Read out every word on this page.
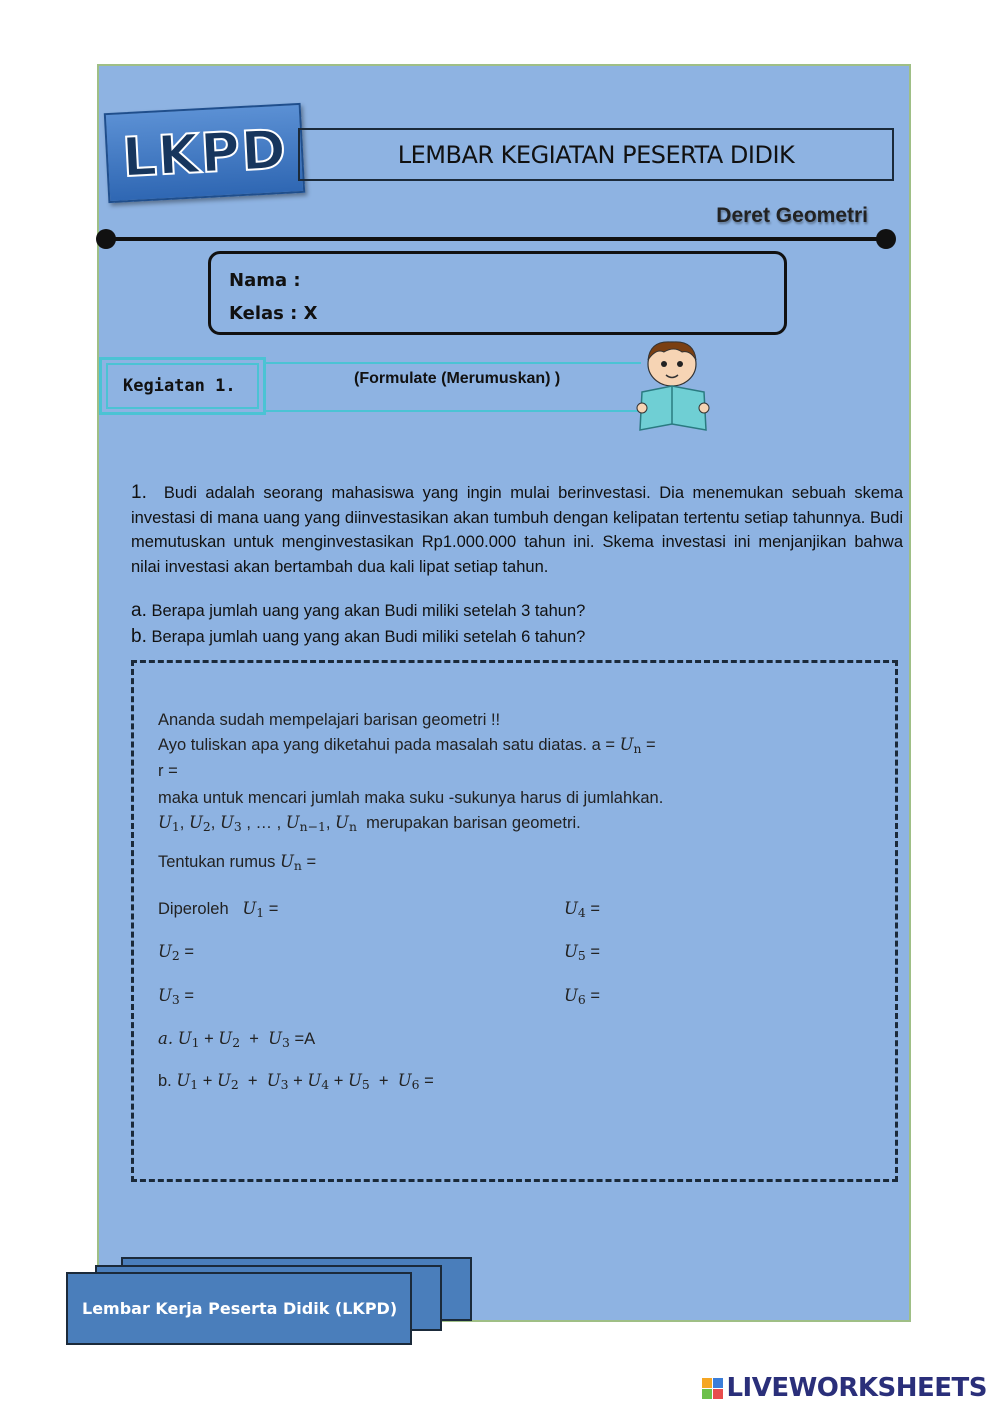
LKPD	LEMBAR KEGIATAN PESERTA DIDIK
Deret Geometri
Nama :
Kelas : X
Kegiatan 1.	(Formulate (Merumuskan) )
1. Budi adalah seorang mahasiswa yang ingin mulai berinvestasi. Dia menemukan sebuah skema investasi di mana uang yang diinvestasikan akan tumbuh dengan kelipatan tertentu setiap tahunnya. Budi memutuskan untuk menginvestasikan Rp1.000.000 tahun ini. Skema investasi ini menjanjikan bahwa nilai investasi akan bertambah dua kali lipat setiap tahun.
a. Berapa jumlah uang yang akan Budi miliki setelah 3 tahun?
b. Berapa jumlah uang yang akan Budi miliki setelah 6 tahun?
Ananda sudah mempelajari barisan geometri !!
Ayo tuliskan apa yang diketahui pada masalah satu diatas. a = Un =
r =
maka untuk mencari jumlah maka suku -sukunya harus di jumlahkan.
U1, U2, U3 , … , Un−1, Un merupakan barisan geometri.
Tentukan rumus Un =
Diperoleh U1 =	U4 =
U2 =	U5 =
U3 =	U6 =
a. U1 + U2 + U3 =A
b. U1 + U2 + U3 + U4 + U5 + U6 =
Lembar Kerja Peserta Didik (LKPD)
LIVEWORKSHEETS
